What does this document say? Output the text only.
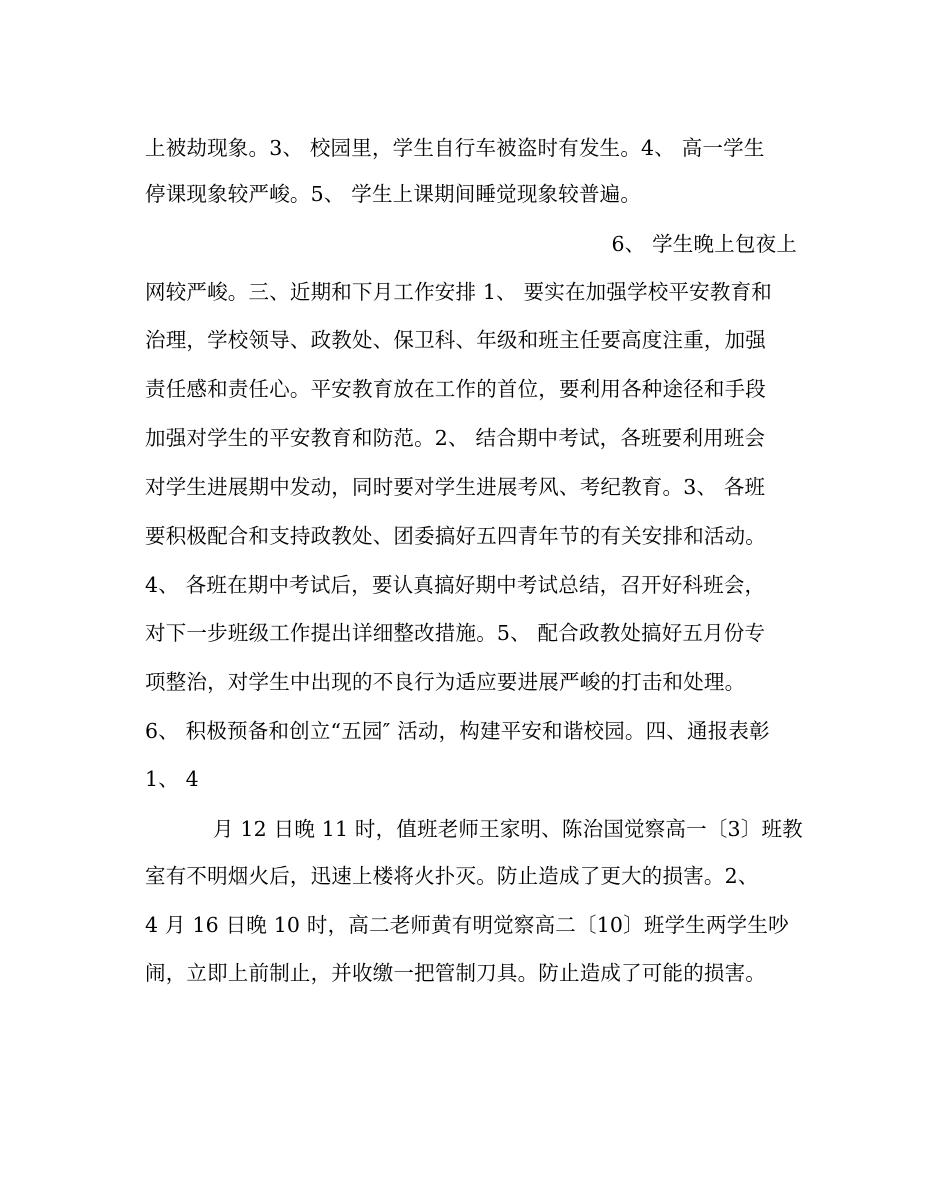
上被劫现象。3、 校园里，学生自行车被盗时有发生。4、 高一学生
停课现象较严峻。5、 学生上课期间睡觉现象较普遍。
6、 学生晚上包夜上
网较严峻。三、近期和下月工作安排 1、 要实在加强学校平安教育和
治理，学校领导、政教处、保卫科、年级和班主任要高度注重，加强
责任感和责任心。平安教育放在工作的首位，要利用各种途径和手段
加强对学生的平安教育和防范。2、 结合期中考试，各班要利用班会
对学生进展期中发动，同时要对学生进展考风、考纪教育。3、 各班
要积极配合和支持政教处、团委搞好五四青年节的有关安排和活动。
4、 各班在期中考试后，要认真搞好期中考试总结，召开好科班会，
对下一步班级工作提出详细整改措施。5、 配合政教处搞好五月份专
项整治，对学生中出现的不良行为适应要进展严峻的打击和处理。
6、 积极预备和创立“五园″ 活动，构建平安和谐校园。四、通报表彰
1、 4
月 12 日晚 11 时，值班老师王家明、陈治国觉察高一〔3〕班教
室有不明烟火后，迅速上楼将火扑灭。防止造成了更大的损害。2、
4 月 16 日晚 10 时，高二老师黄有明觉察高二〔10〕班学生两学生吵
闹，立即上前制止，并收缴一把管制刀具。防止造成了可能的损害。
